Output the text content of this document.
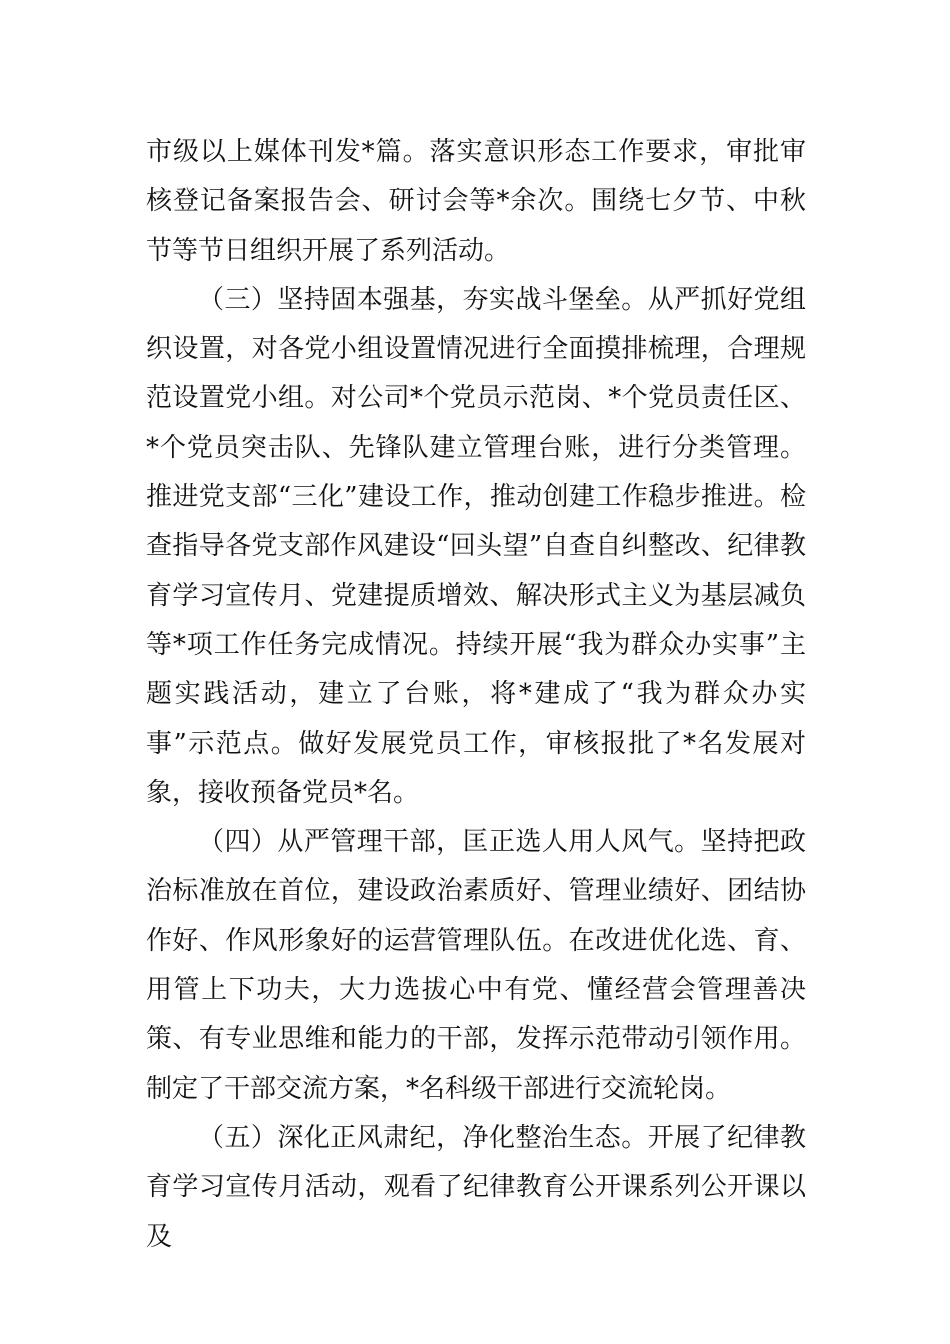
市级以上媒体刊发*篇。落实意识形态工作要求，审批审核登记备案报告会、研讨会等*余次。围绕七夕节、中秋节等节日组织开展了系列活动。

（三）坚持固本强基，夯实战斗堡垒。从严抓好党组织设置，对各党小组设置情况进行全面摸排梳理，合理规范设置党小组。对公司*个党员示范岗、*个党员责任区、*个党员突击队、先锋队建立管理台账，进行分类管理。推进党支部“三化”建设工作，推动创建工作稳步推进。检查指导各党支部作风建设“回头望”自查自纠整改、纪律教育学习宣传月、党建提质增效、解决形式主义为基层减负等*项工作任务完成情况。持续开展“我为群众办实事”主题实践活动，建立了台账，将*建成了“我为群众办实事”示范点。做好发展党员工作，审核报批了*名发展对象，接收预备党员*名。

（四）从严管理干部，匡正选人用人风气。坚持把政治标准放在首位，建设政治素质好、管理业绩好、团结协作好、作风形象好的运营管理队伍。在改进优化选、育、用管上下功夫，大力选拔心中有党、懂经营会管理善决策、有专业思维和能力的干部，发挥示范带动引领作用。制定了干部交流方案，*名科级干部进行交流轮岗。

（五）深化正风肃纪，净化整治生态。开展了纪律教育学习宣传月活动，观看了纪律教育公开课系列公开课以及
